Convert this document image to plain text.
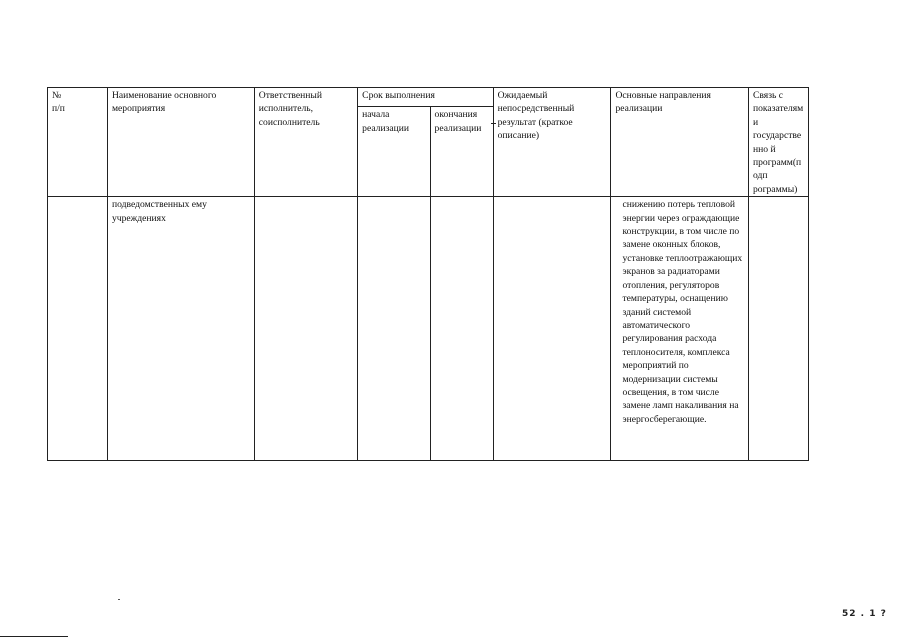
№
п/п	Наименование основного мероприятия	Ответственный исполнитель, соисполнитель	Срок выполнения		Ожидаемый непосредственный результат (краткое описание)	Основные направления реализации	Связь с показателями государственно й программ(подп рограммы)
			начала реализации	окончания реализации			
	подведомственных ему учреждениях					снижению потерь тепловой энергии через ограждающие конструкции, в том числе по замене оконных блоков, установке теплоотражающих экранов за радиаторами отопления, регуляторов температуры, оснащению зданий системой автоматического регулирования расхода теплоносителя, комплекса мероприятий по модернизации системы освещения, в том числе замене ламп накаливания на энергосберегающие.	
52 . 1 ?
